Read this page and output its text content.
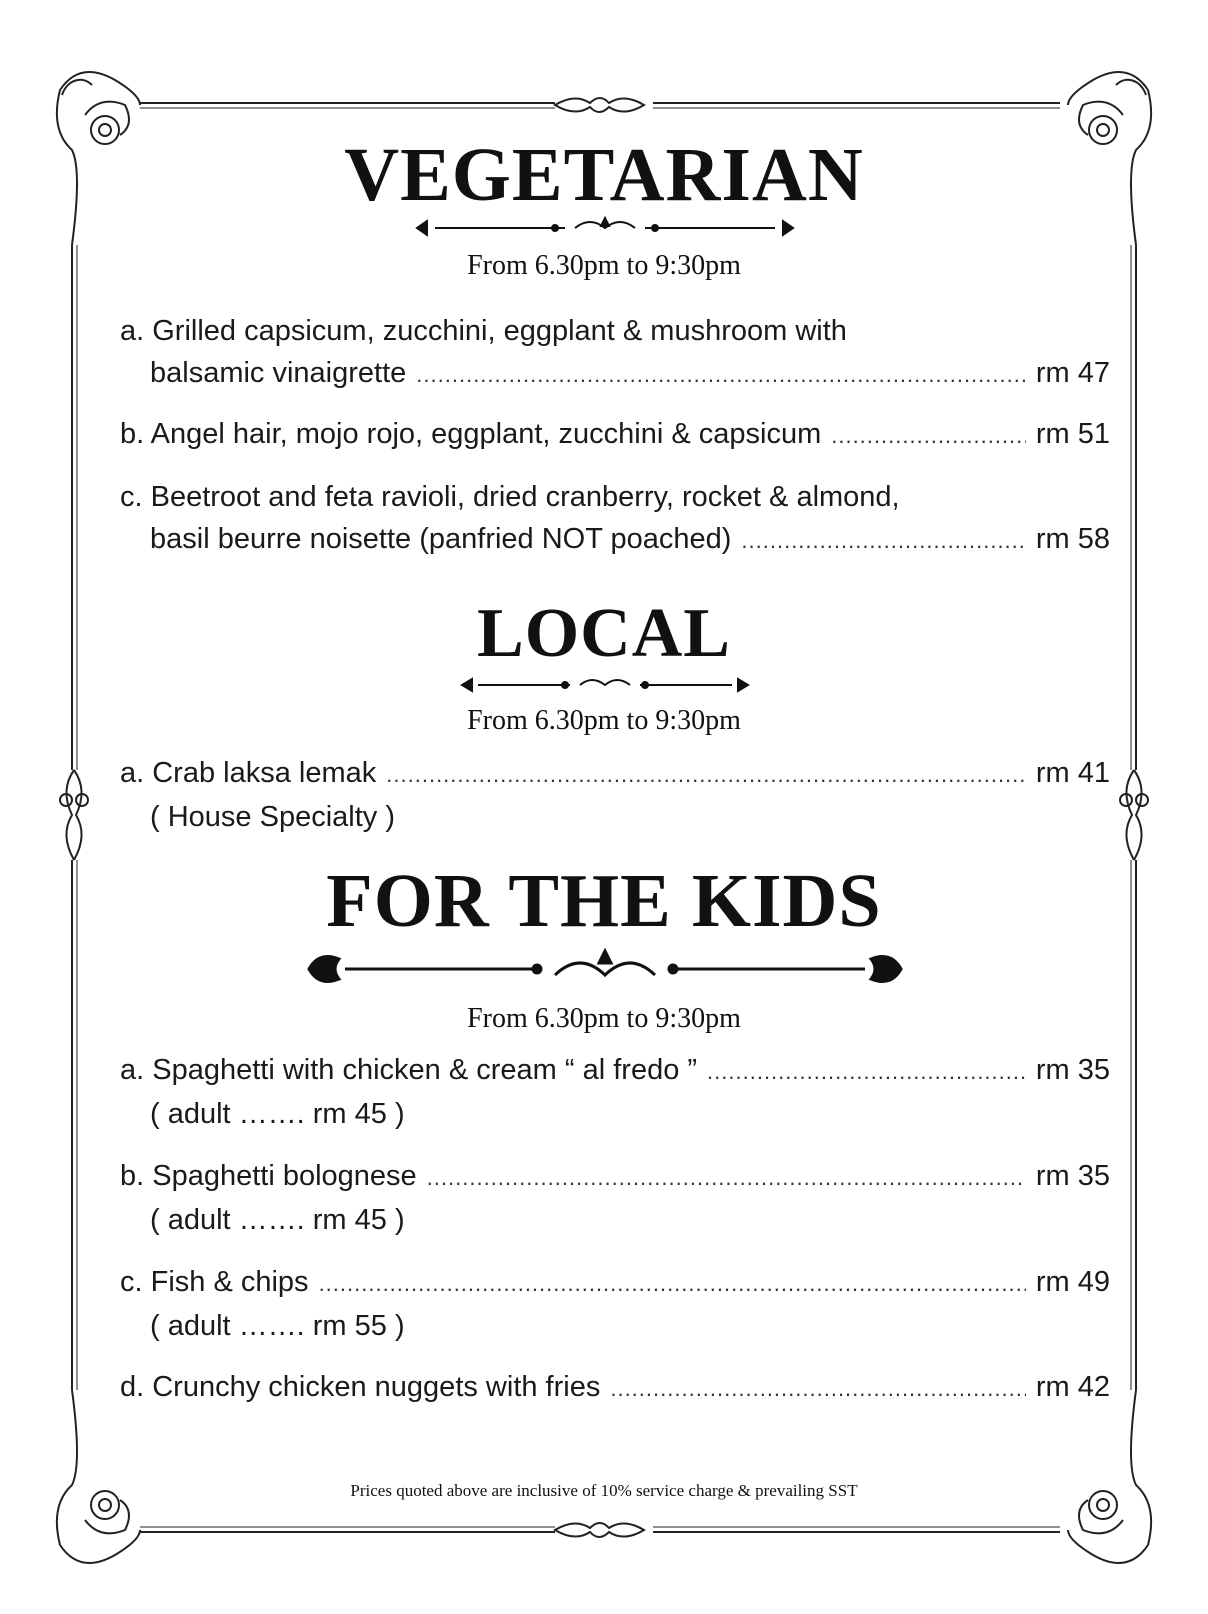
VEGETARIAN
From 6.30pm to 9:30pm
a. Grilled capsicum, zucchini, eggplant & mushroom with
balsamic vinaigrette .....	rm 47
b. Angel hair, mojo rojo, eggplant, zucchini & capsicum .....	rm 51
c. Beetroot and feta ravioli, dried cranberry, rocket & almond,
basil beurre noisette (panfried NOT poached) .....	rm 58
LOCAL
From 6.30pm to 9:30pm
a. Crab laksa lemak .....	rm 41
( House Specialty )
FOR THE KIDS
From 6.30pm to 9:30pm
a. Spaghetti with chicken & cream “ al fredo ” .....	rm 35
( adult ……. rm 45 )
b. Spaghetti bolognese .....	rm 35
( adult ……. rm 45 )
c. Fish & chips .....	rm 49
( adult ……. rm 55 )
d. Crunchy chicken nuggets with fries .....	rm 42
Prices quoted above are inclusive of 10% service charge & prevailing SST
